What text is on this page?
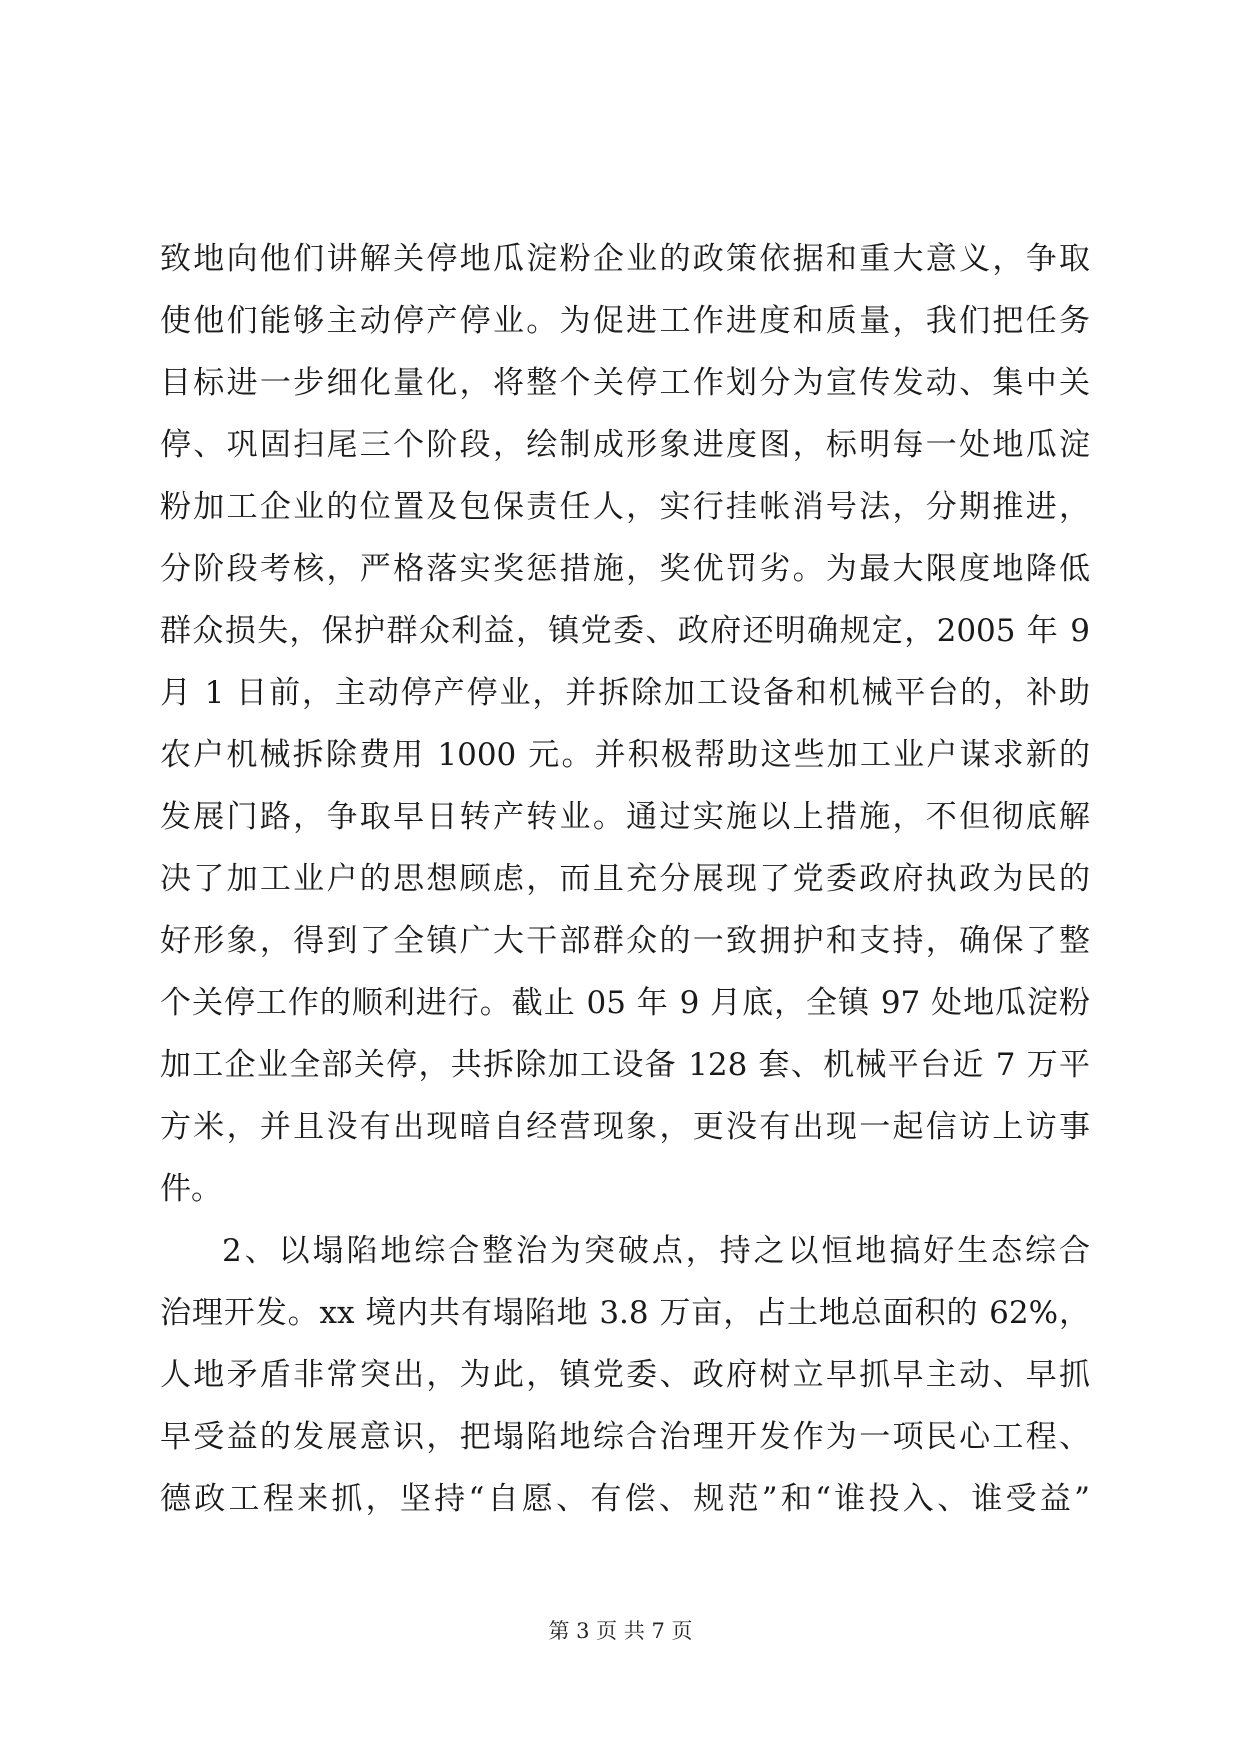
致地向他们讲解关停地瓜淀粉企业的政策依据和重大意义，争取
使他们能够主动停产停业。为促进工作进度和质量，我们把任务
目标进一步细化量化，将整个关停工作划分为宣传发动、集中关
停、巩固扫尾三个阶段，绘制成形象进度图，标明每一处地瓜淀
粉加工企业的位置及包保责任人，实行挂帐消号法，分期推进，
分阶段考核，严格落实奖惩措施，奖优罚劣。为最大限度地降低
群众损失，保护群众利益，镇党委、政府还明确规定，2005 年 9
月 1 日前，主动停产停业，并拆除加工设备和机械平台的，补助
农户机械拆除费用 1000 元。并积极帮助这些加工业户谋求新的
发展门路，争取早日转产转业。通过实施以上措施，不但彻底解
决了加工业户的思想顾虑，而且充分展现了党委政府执政为民的
好形象，得到了全镇广大干部群众的一致拥护和支持，确保了整
个关停工作的顺利进行。截止 05 年 9 月底，全镇 97 处地瓜淀粉
加工企业全部关停，共拆除加工设备 128 套、机械平台近 7 万平
方米，并且没有出现暗自经营现象，更没有出现一起信访上访事
件。
2、以塌陷地综合整治为突破点，持之以恒地搞好生态综合
治理开发。xx 境内共有塌陷地 3.8 万亩，占土地总面积的 62%，
人地矛盾非常突出，为此，镇党委、政府树立早抓早主动、早抓
早受益的发展意识，把塌陷地综合治理开发作为一项民心工程、
德政工程来抓，坚持“自愿、有偿、规范”和“谁投入、谁受益”
第 3 页 共 7 页
